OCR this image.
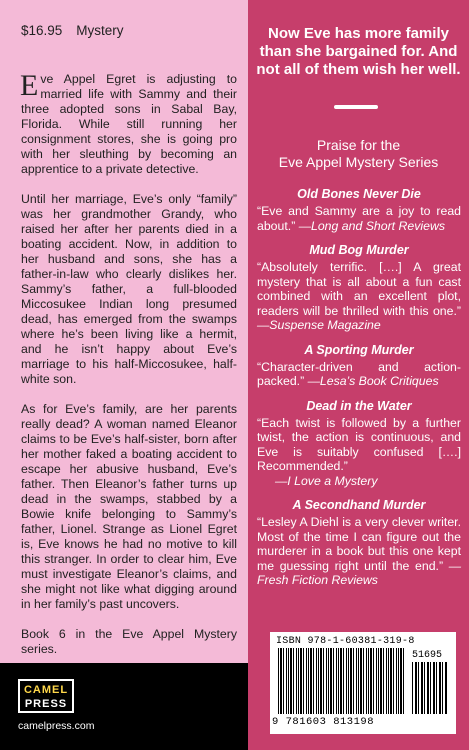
$16.95 Mystery

Eve Appel Egret is adjusting to married life with Sammy and their three adopted sons in Sabal Bay, Florida. While still running her consignment stores, she is going pro with her sleuthing by becoming an apprentice to a private detective.

Until her marriage, Eve’s only “family” was her grandmother Grandy, who raised her after her parents died in a boating accident. Now, in addition to her husband and sons, she has a father-in-law who clearly dislikes her. Sammy’s father, a full-blooded Miccosukee Indian long presumed dead, has emerged from the swamps where he’s been living like a hermit, and he isn’t happy about Eve’s marriage to his half-Miccosukee, half-white son.

As for Eve’s family, are her parents really dead? A woman named Eleanor claims to be Eve’s half-sister, born after her mother faked a boating accident to escape her abusive husband, Eve’s father. Then Eleanor’s father turns up dead in the swamps, stabbed by a Bowie knife belonging to Sammy’s father, Lionel. Strange as Lionel Egret is, Eve knows he had no motive to kill this stranger. In order to clear him, Eve must investigate Eleanor’s claims, and she might not like what digging around in her family’s past uncovers.

Book 6 in the Eve Appel Mystery series.

CAMEL
PRESS
camelpress.com
Now Eve has more family than she bargained for. And not all of them wish her well.
Praise for the
Eve Appel Mystery Series
Old Bones Never Die
“Eve and Sammy are a joy to read about.” —Long and Short Reviews
Mud Bog Murder
“Absolutely terrific. [….] A great mystery that is all about a fun cast combined with an excellent plot, readers will be thrilled with this one.” —Suspense Magazine
A Sporting Murder
“Character-driven and action-packed.” —Lesa’s Book Critiques
Dead in the Water
“Each twist is followed by a further twist, the action is continuous, and Eve is suitably confused [….] Recommended.”
—I Love a Mystery
A Secondhand Murder
“Lesley A Diehl is a very clever writer. Most of the time I can figure out the murderer in a book but this one kept me guessing right until the end.” —Fresh Fiction Reviews
ISBN 978-1-60381-319-8
51695
9 781603 813198
